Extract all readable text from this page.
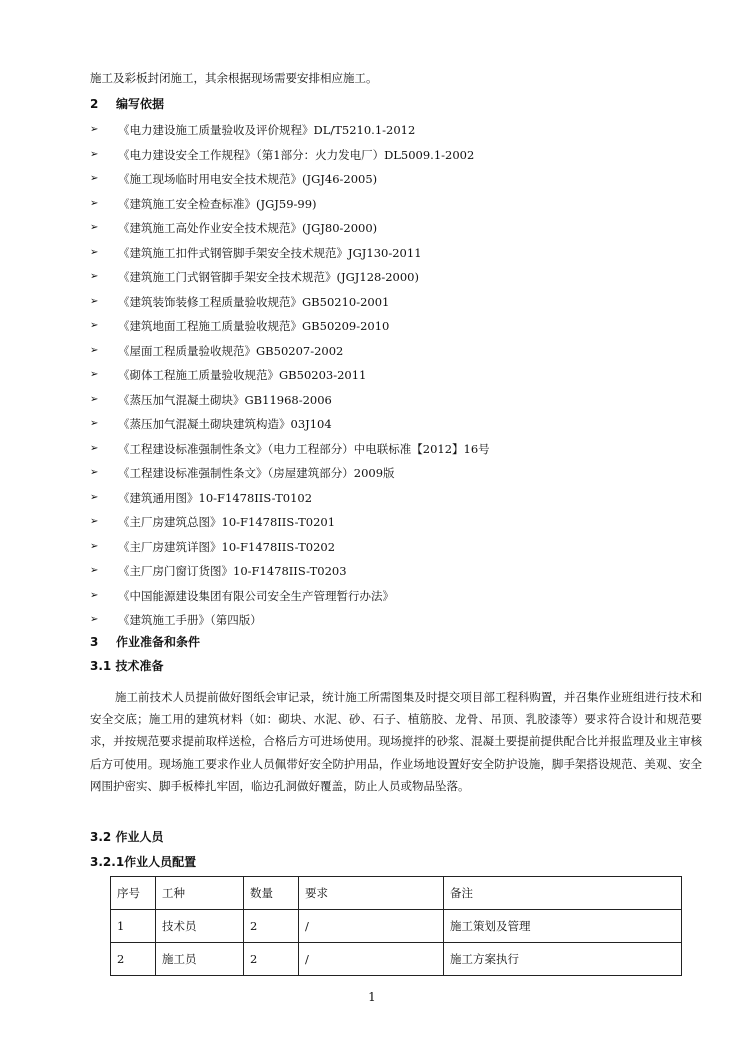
施工及彩板封闭施工，其余根据现场需要安排相应施工。
2 编写依据
➢	《电力建设施工质量验收及评价规程》DL/T5210.1-2012
➢	《电力建设安全工作规程》（第1部分：火力发电厂）DL5009.1-2002
➢	《施工现场临时用电安全技术规范》(JGJ46-2005)
➢	《建筑施工安全检查标准》(JGJ59-99)
➢	《建筑施工高处作业安全技术规范》(JGJ80-2000)
➢	《建筑施工扣件式钢管脚手架安全技术规范》JGJ130-2011
➢	《建筑施工门式钢管脚手架安全技术规范》(JGJ128-2000)
➢	《建筑装饰装修工程质量验收规范》GB50210-2001
➢	《建筑地面工程施工质量验收规范》GB50209-2010
➢	《屋面工程质量验收规范》GB50207-2002
➢	《砌体工程施工质量验收规范》GB50203-2011
➢	《蒸压加气混凝土砌块》GB11968-2006
➢	《蒸压加气混凝土砌块建筑构造》03J104
➢	《工程建设标准强制性条文》（电力工程部分）中电联标准【2012】16号
➢	《工程建设标准强制性条文》（房屋建筑部分）2009版
➢	《建筑通用图》10-F1478IIS-T0102
➢	《主厂房建筑总图》10-F1478IIS-T0201
➢	《主厂房建筑详图》10-F1478IIS-T0202
➢	《主厂房门窗订货图》10-F1478IIS-T0203
➢	《中国能源建设集团有限公司安全生产管理暂行办法》
➢	《建筑施工手册》（第四版）
3 作业准备和条件
3.1 技术准备

施工前技术人员提前做好图纸会审记录，统计施工所需图集及时提交项目部工程科购置，并召集作业班组进行技术和安全交底；施工用的建筑材料（如：砌块、水泥、砂、石子、植筋胶、龙骨、吊顶、乳胶漆等）要求符合设计和规范要求，并按规范要求提前取样送检，合格后方可进场使用。现场搅拌的砂浆、混凝土要提前提供配合比并报监理及业主审核后方可使用。现场施工要求作业人员佩带好安全防护用品，作业场地设置好安全防护设施，脚手架搭设规范、美观、安全网围护密实、脚手板棒扎牢固，临边孔洞做好覆盖，防止人员或物品坠落。

3.2 作业人员
3.2.1作业人员配置
序号	工种	数量	要求	备注
1	技术员	2	/	施工策划及管理
2	施工员	2	/	施工方案执行
1
